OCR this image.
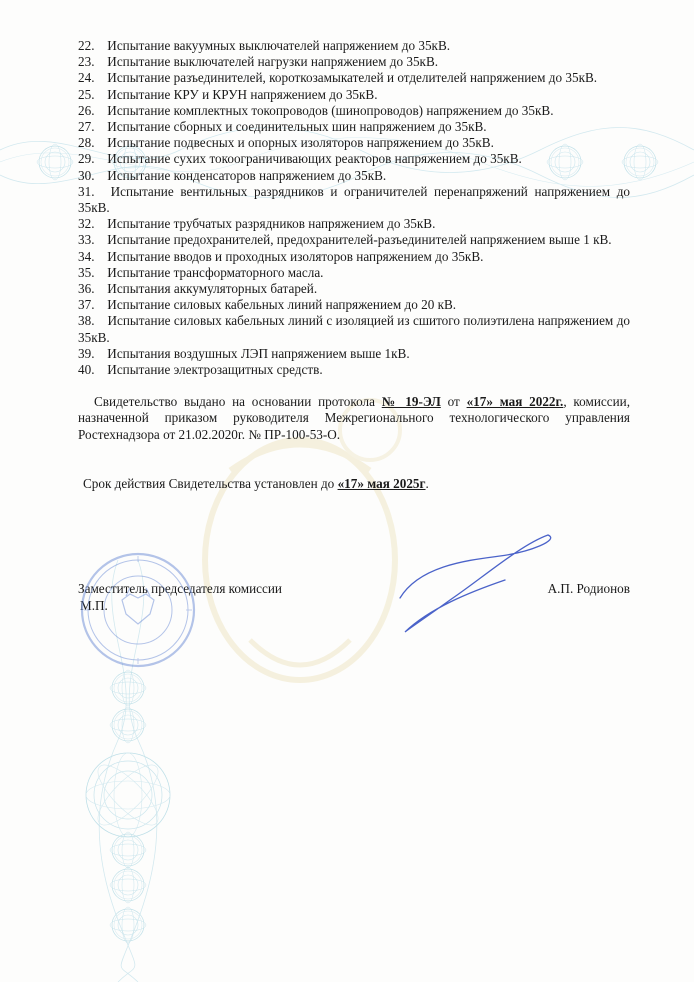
22. Испытание вакуумных выключателей напряжением до 35кВ.
23. Испытание выключателей нагрузки напряжением до 35кВ.
24. Испытание разъединителей, короткозамыкателей и отделителей напряжением до 35кВ.
25. Испытание КРУ и КРУН напряжением до 35кВ.
26. Испытание комплектных токопроводов (шинопроводов) напряжением до 35кВ.
27. Испытание сборных и соединительных шин напряжением до 35кВ.
28. Испытание подвесных и опорных изоляторов напряжением до 35кВ.
29. Испытание сухих токоограничивающих реакторов напряжением до 35кВ.
30. Испытание конденсаторов напряжением до 35кВ.
31. Испытание вентильных разрядников и ограничителей перенапряжений напряжением до 35кВ.
32. Испытание трубчатых разрядников напряжением до 35кВ.
33. Испытание предохранителей, предохранителей-разъединителей напряжением выше 1 кВ.
34. Испытание вводов и проходных изоляторов напряжением до 35кВ.
35. Испытание трансформаторного масла.
36. Испытания аккумуляторных батарей.
37. Испытание силовых кабельных линий напряжением до 20 кВ.
38. Испытание силовых кабельных линий с изоляцией из сшитого полиэтилена напряжением до 35кВ.
39. Испытания воздушных ЛЭП напряжением выше 1кВ.
40. Испытание электрозащитных средств.

Свидетельство выдано на основании протокола № 19-ЭЛ от «17» мая 2022г., комиссии, назначенной приказом руководителя Межрегионального технологического управления Ростехнадзора от 21.02.2020г. № ПР-100-53-О.

Срок действия Свидетельства установлен до «17» мая 2025г.

Заместитель председателя комиссии
М.П.
А.П. Родионов
